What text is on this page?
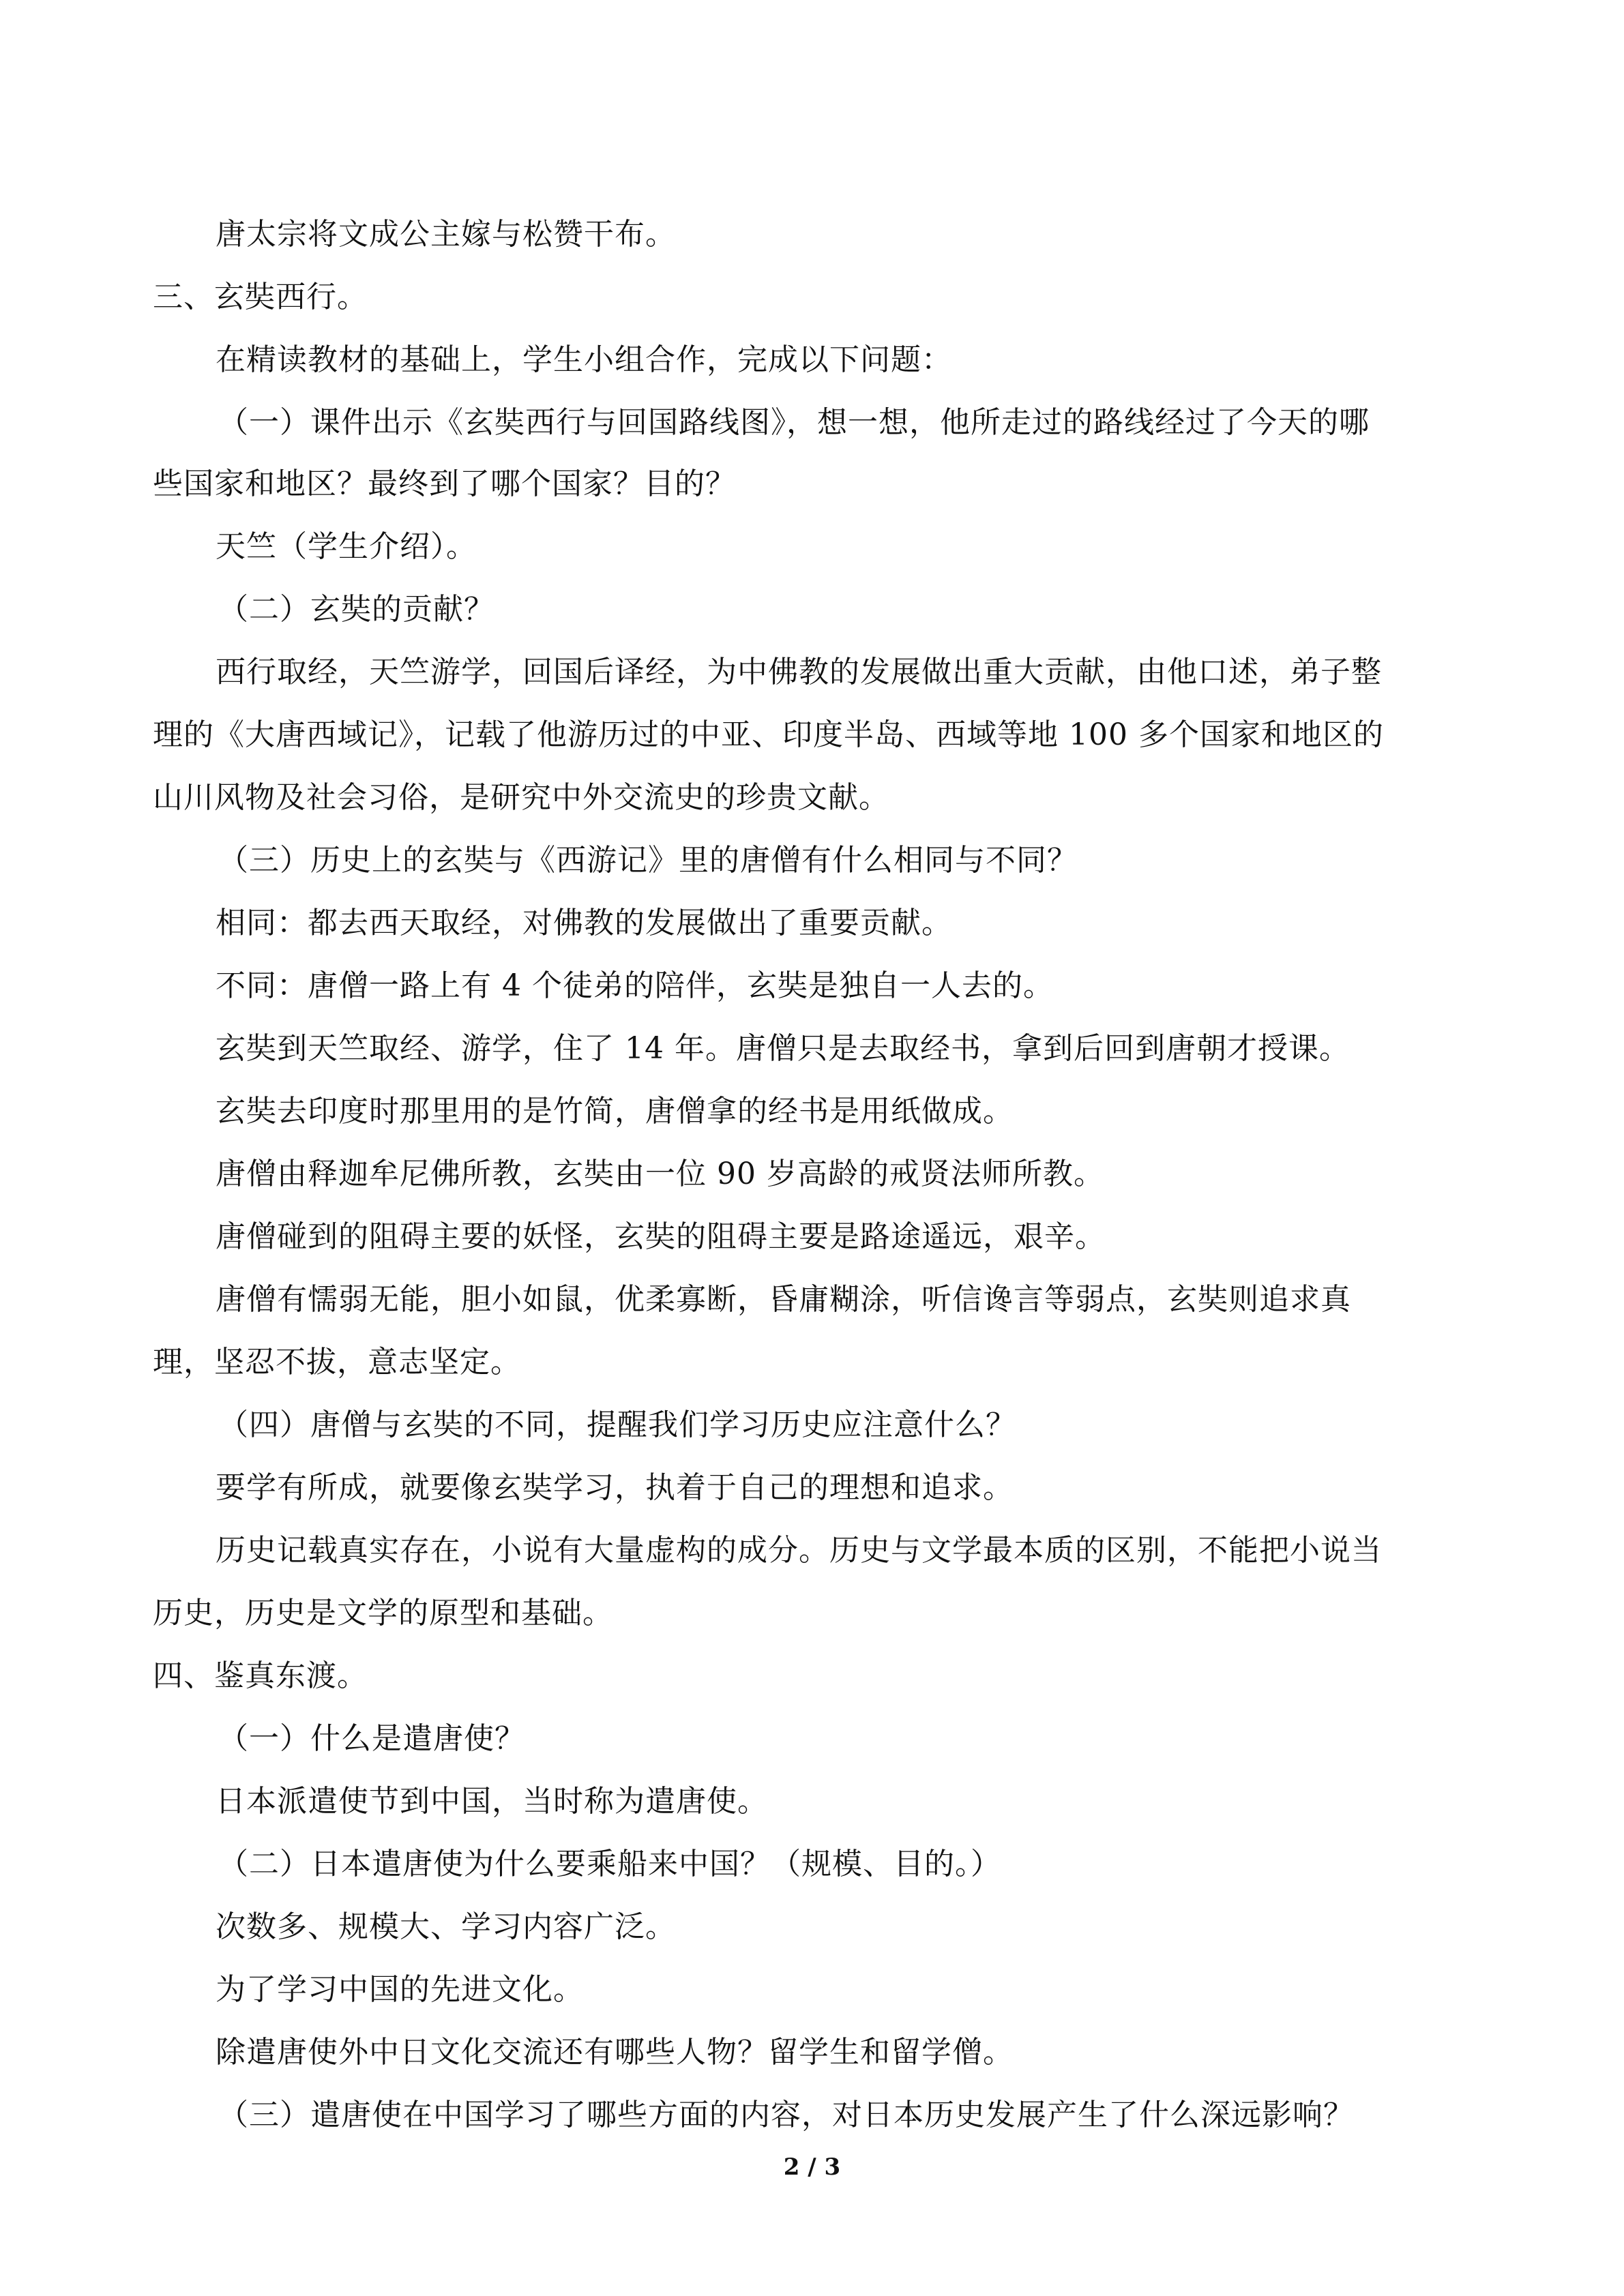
唐太宗将文成公主嫁与松赞干布。
三、玄奘西行。
在精读教材的基础上，学生小组合作，完成以下问题：
（一）课件出示《玄奘西行与回国路线图》，想一想，他所走过的路线经过了今天的哪
些国家和地区？最终到了哪个国家？目的？
天竺（学生介绍）。
（二）玄奘的贡献？
西行取经，天竺游学，回国后译经，为中佛教的发展做出重大贡献，由他口述，弟子整
理的《大唐西域记》，记载了他游历过的中亚、印度半岛、西域等地 100 多个国家和地区的
山川风物及社会习俗，是研究中外交流史的珍贵文献。
（三）历史上的玄奘与《西游记》里的唐僧有什么相同与不同？
相同：都去西天取经，对佛教的发展做出了重要贡献。
不同：唐僧一路上有 4 个徒弟的陪伴，玄奘是独自一人去的。
玄奘到天竺取经、游学，住了 14 年。唐僧只是去取经书，拿到后回到唐朝才授课。
玄奘去印度时那里用的是竹简，唐僧拿的经书是用纸做成。
唐僧由释迦牟尼佛所教，玄奘由一位 90 岁高龄的戒贤法师所教。
唐僧碰到的阻碍主要的妖怪，玄奘的阻碍主要是路途遥远，艰辛。
唐僧有懦弱无能，胆小如鼠，优柔寡断，昏庸糊涂，听信谗言等弱点，玄奘则追求真
理，坚忍不拔，意志坚定。
（四）唐僧与玄奘的不同，提醒我们学习历史应注意什么？
要学有所成，就要像玄奘学习，执着于自己的理想和追求。
历史记载真实存在，小说有大量虚构的成分。历史与文学最本质的区别，不能把小说当
历史，历史是文学的原型和基础。
四、鉴真东渡。
（一）什么是遣唐使？
日本派遣使节到中国，当时称为遣唐使。
（二）日本遣唐使为什么要乘船来中国？（规模、目的。）
次数多、规模大、学习内容广泛。
为了学习中国的先进文化。
除遣唐使外中日文化交流还有哪些人物？留学生和留学僧。
（三）遣唐使在中国学习了哪些方面的内容，对日本历史发展产生了什么深远影响？
2 / 3
